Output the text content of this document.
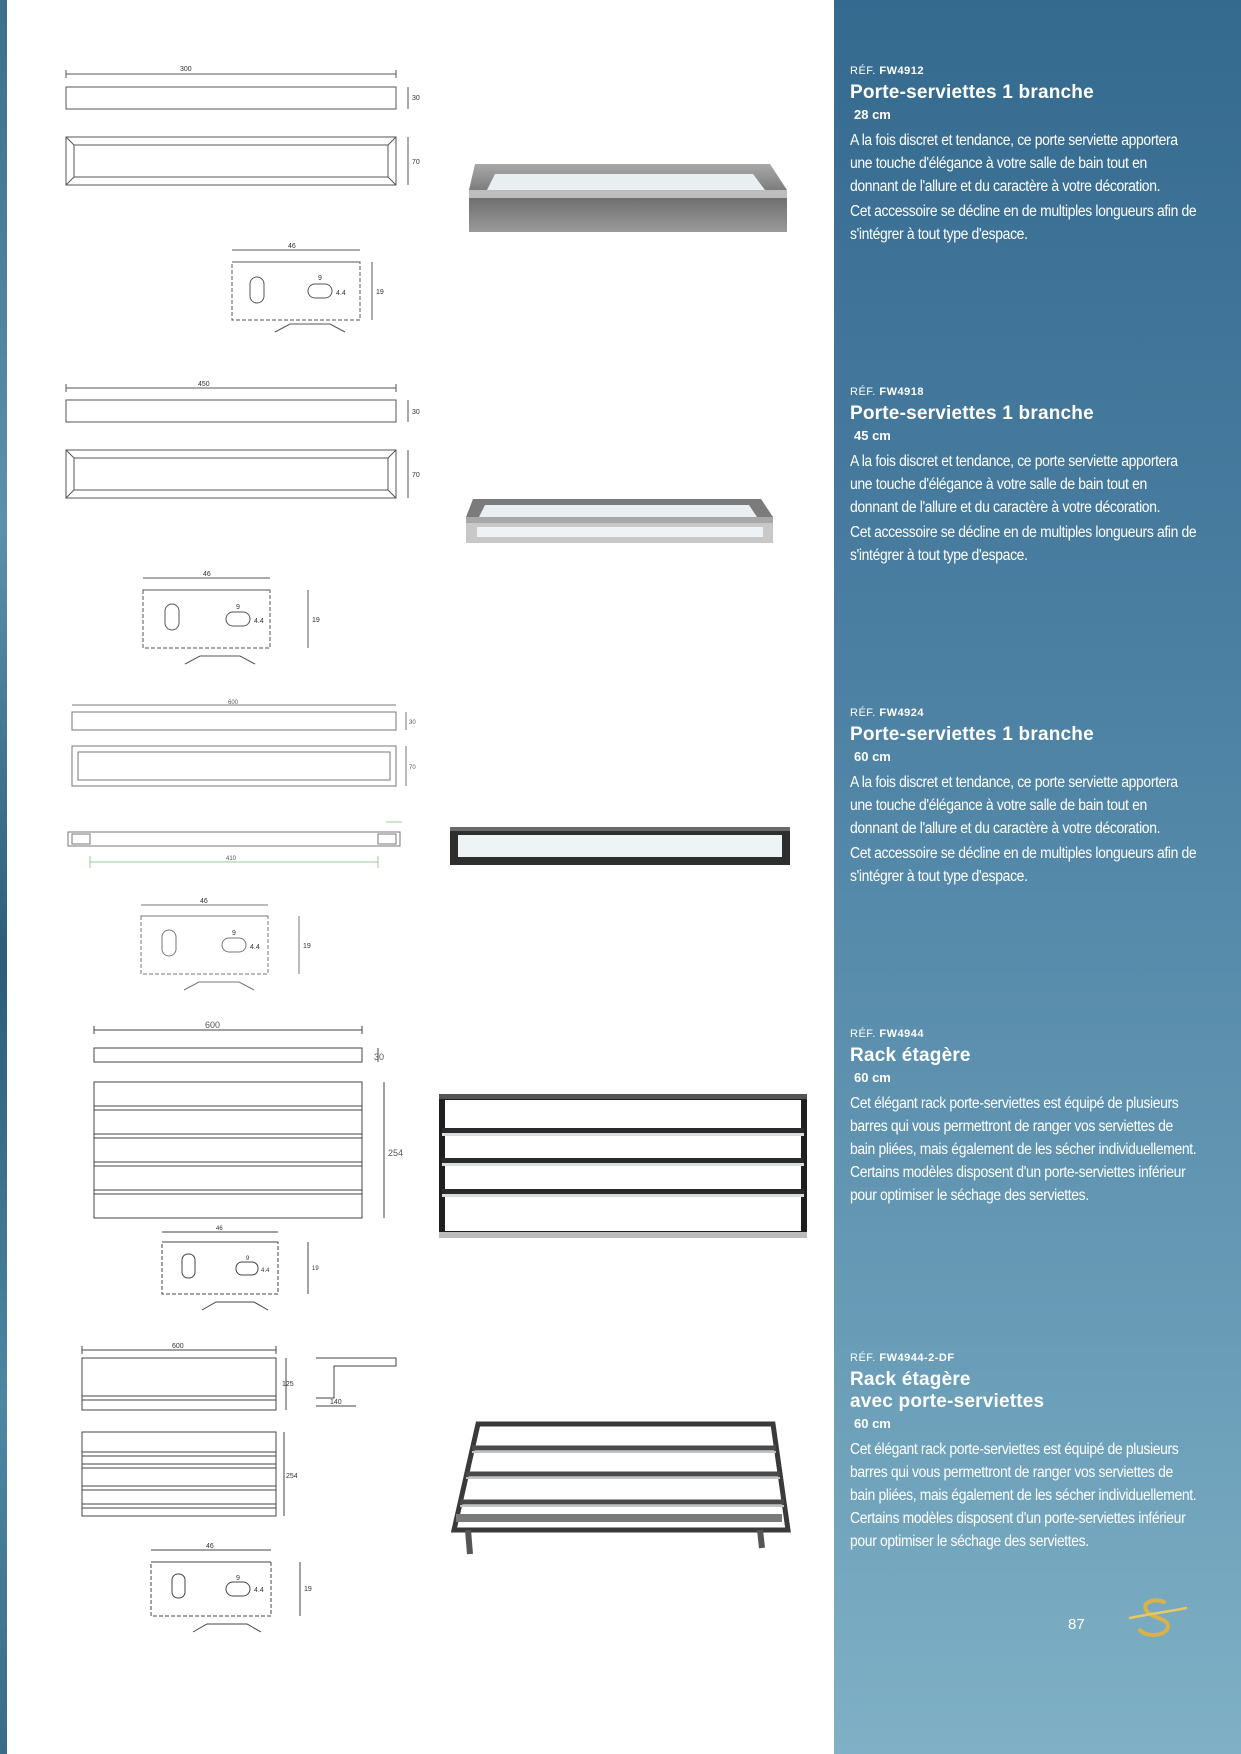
300
30
70
46
19
9
4.4

RÉF. FW4912

Porte-serviettes 1 branche

28 cm

A la fois discret et tendance, ce porte serviette apportera une touche d'élégance à votre salle de bain tout en donnant de l'allure et du caractère à votre décoration.

Cet accessoire se décline en de multiples longueurs afin de s'intégrer à tout type d'espace.

450
30
70
46
19
9
4.4

RÉF. FW4918

Porte-serviettes 1 branche

45 cm

A la fois discret et tendance, ce porte serviette apportera une touche d'élégance à votre salle de bain tout en donnant de l'allure et du caractère à votre décoration.

Cet accessoire se décline en de multiples longueurs afin de s'intégrer à tout type d'espace.

600
30
70
410
46
19
9
4.4

RÉF. FW4924

Porte-serviettes 1 branche

60 cm

A la fois discret et tendance, ce porte serviette apportera une touche d'élégance à votre salle de bain tout en donnant de l'allure et du caractère à votre décoration.

Cet accessoire se décline en de multiples longueurs afin de s'intégrer à tout type d'espace.

600
30
254
46
19
9
4.4

RÉF. FW4944

Rack étagère

60 cm

Cet élégant rack porte-serviettes est équipé de plusieurs barres qui vous permettront de ranger vos serviettes de bain pliées, mais également de les sécher individuellement. Certains modèles disposent d'un porte-serviettes inférieur pour optimiser le séchage des serviettes.

600
125
140
254
46
19
9
4.4

RÉF. FW4944-2-DF

Rack étagère

avec porte-serviettes

60 cm

Cet élégant rack porte-serviettes est équipé de plusieurs barres qui vous permettront de ranger vos serviettes de bain pliées, mais également de les sécher individuellement. Certains modèles disposent d'un porte-serviettes inférieur pour optimiser le séchage des serviettes.

87
